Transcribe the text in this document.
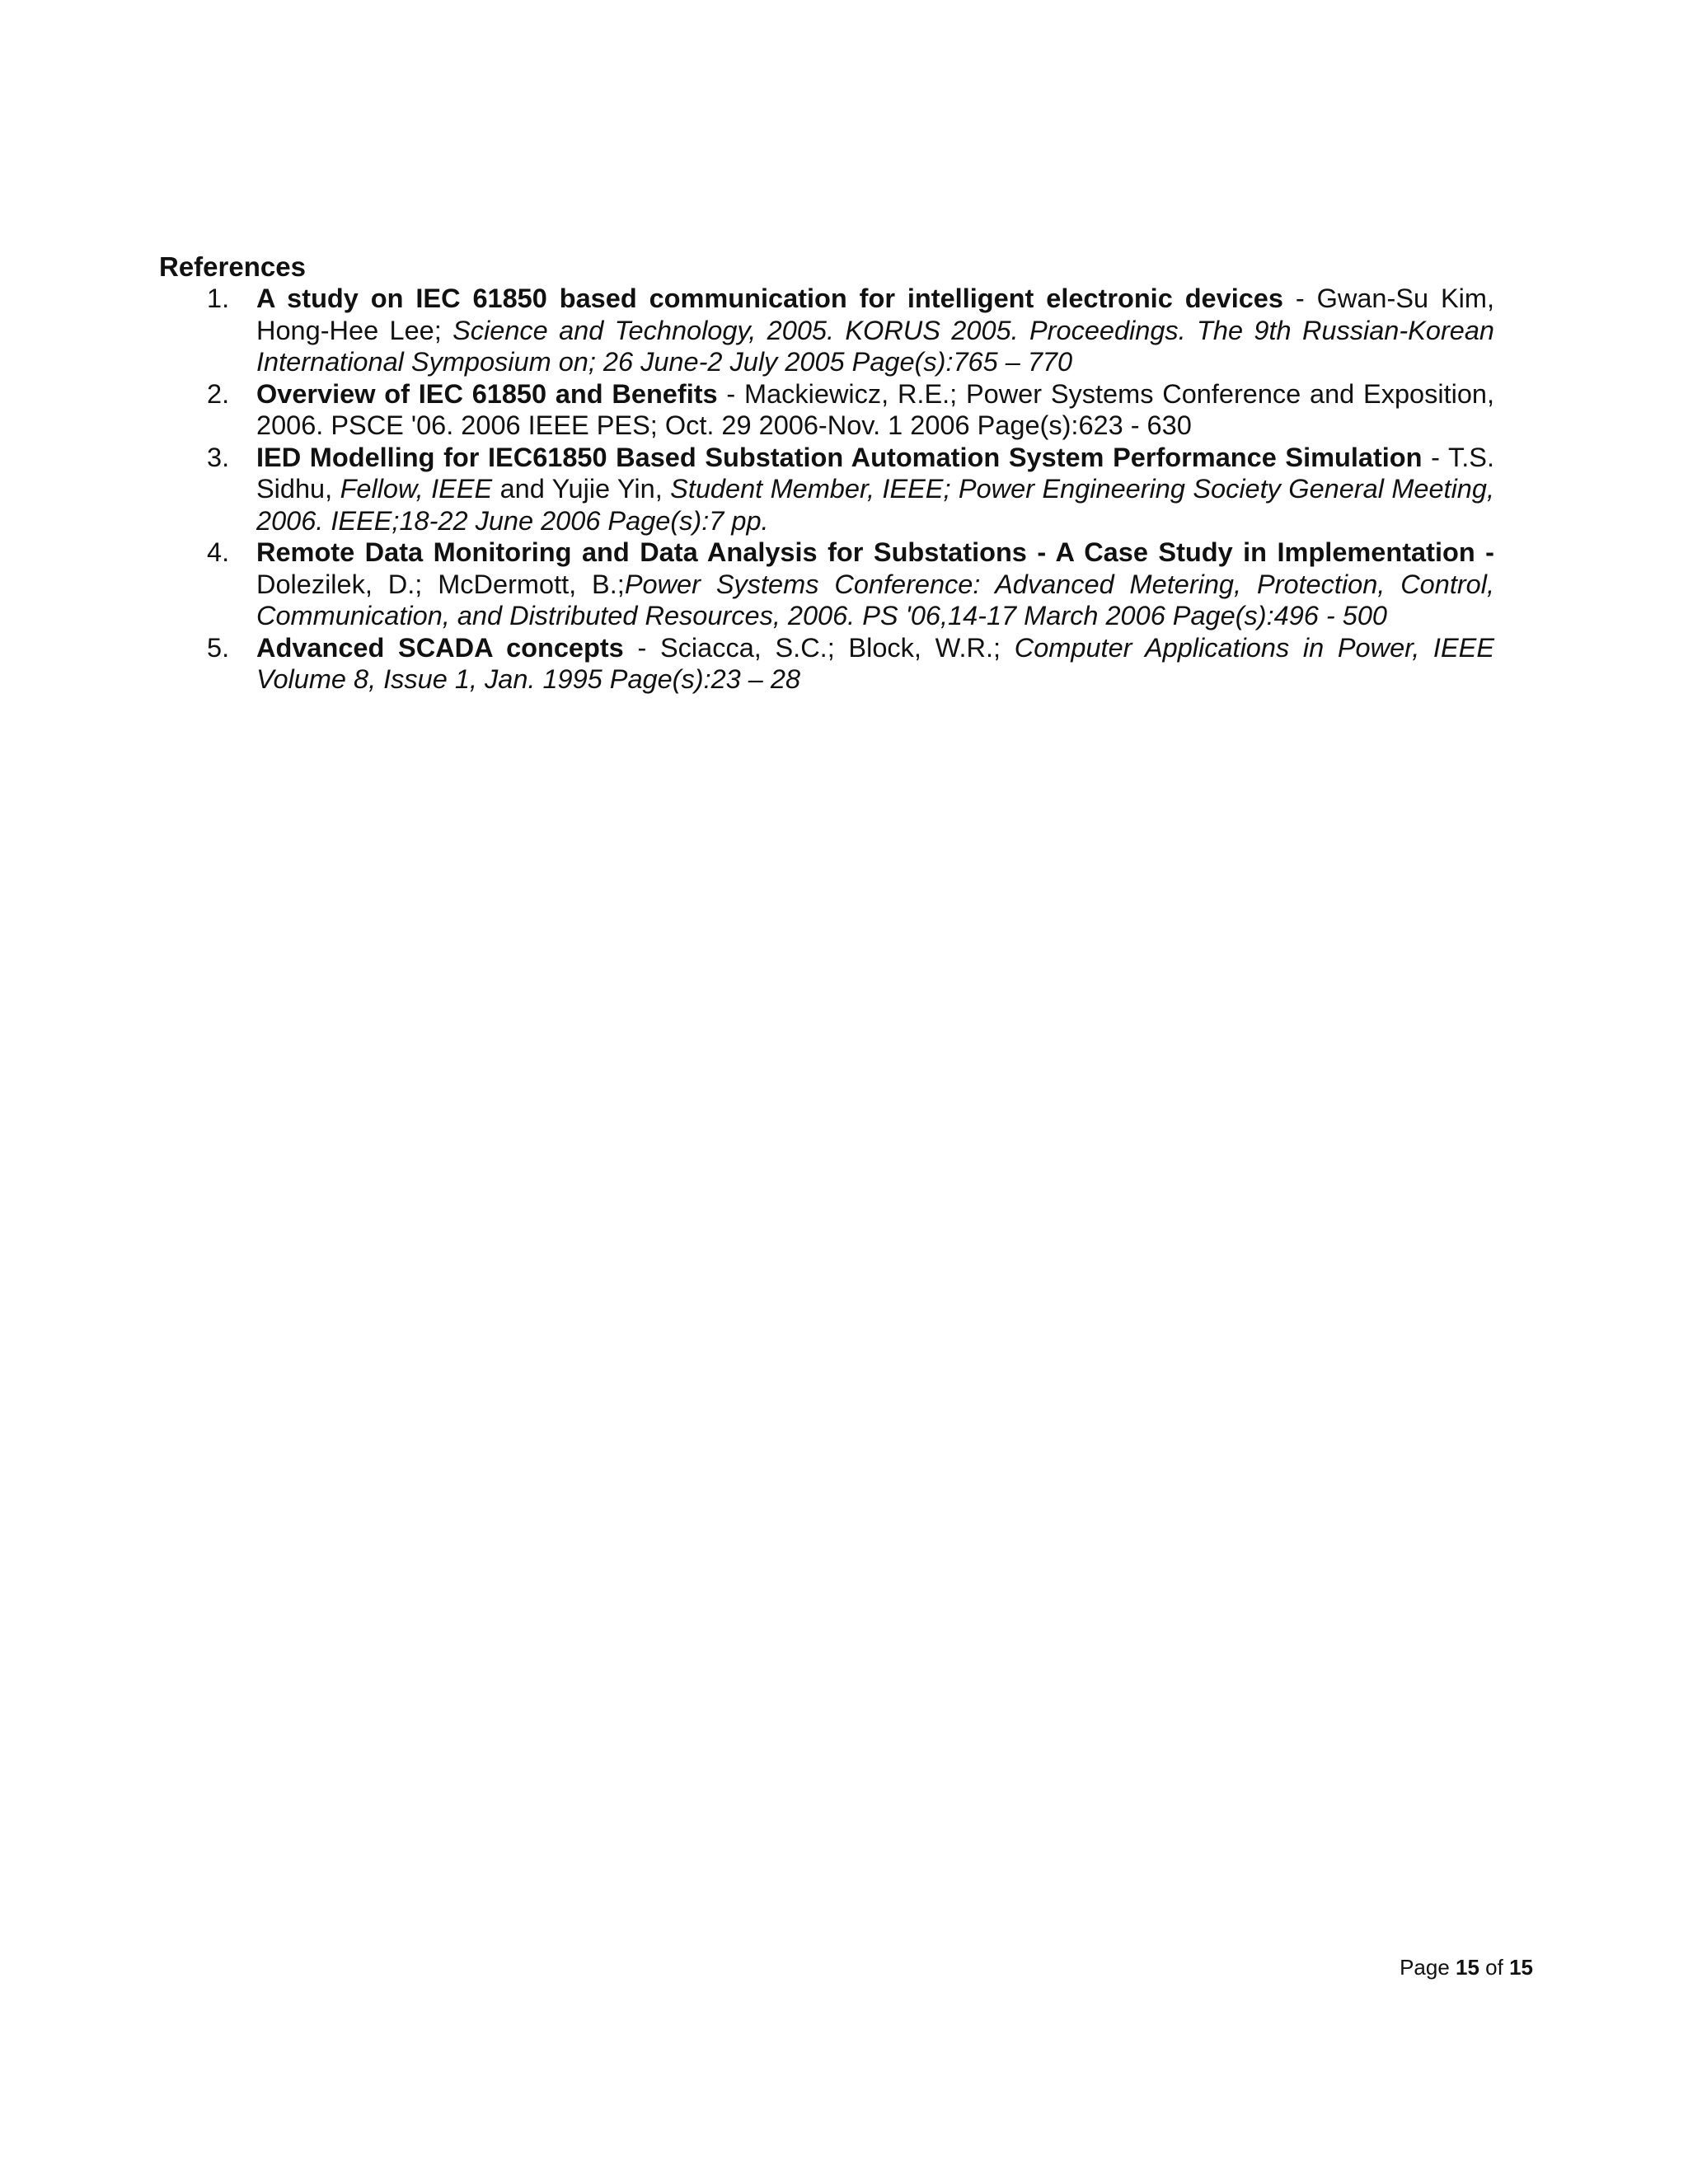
References
1. A study on IEC 61850 based communication for intelligent electronic devices - Gwan-Su Kim, Hong-Hee Lee; Science and Technology, 2005. KORUS 2005. Proceedings. The 9th Russian-Korean International Symposium on; 26 June-2 July 2005 Page(s):765 – 770
2. Overview of IEC 61850 and Benefits - Mackiewicz, R.E.; Power Systems Conference and Exposition, 2006. PSCE '06. 2006 IEEE PES; Oct. 29 2006-Nov. 1 2006 Page(s):623 - 630
3. IED Modelling for IEC61850 Based Substation Automation System Performance Simulation - T.S. Sidhu, Fellow, IEEE and Yujie Yin, Student Member, IEEE; Power Engineering Society General Meeting, 2006. IEEE;18-22 June 2006 Page(s):7 pp.
4. Remote Data Monitoring and Data Analysis for Substations - A Case Study in Implementation - Dolezilek, D.; McDermott, B.;Power Systems Conference: Advanced Metering, Protection, Control, Communication, and Distributed Resources, 2006. PS '06,14-17 March 2006 Page(s):496 - 500
5. Advanced SCADA concepts - Sciacca, S.C.; Block, W.R.; Computer Applications in Power, IEEE Volume 8, Issue 1, Jan. 1995 Page(s):23 – 28
Page 15 of 15
